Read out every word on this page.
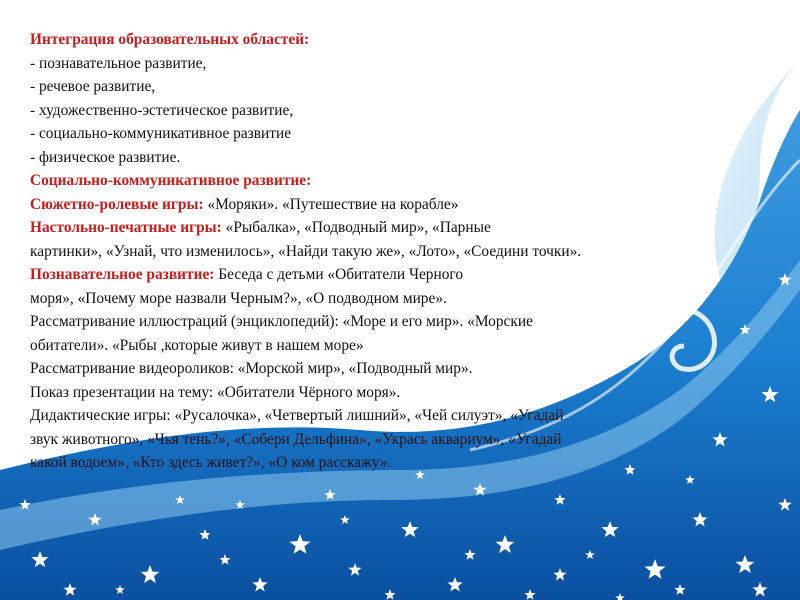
Интеграция образовательных областей:
- познавательное развитие,
- речевое развитие,
- художественно-эстетическое развитие,
- социально-коммуникативное развитие
- физическое развитие.
Социально-коммуникативное развитие:
Сюжетно-ролевые игры: «Моряки». «Путешествие на корабле»
Настольно-печатные игры: «Рыбалка», «Подводный мир», «Парные
картинки», «Узнай, что изменилось», «Найди такую же», «Лото», «Соедини точки».
Познавательное развитие: Беседа с детьми «Обитатели Черного
моря», «Почему море назвали Черным?», «О подводном мире».
Рассматривание иллюстраций (энциклопедий): «Море и его мир». «Морские
обитатели». «Рыбы ,которые живут в нашем море»
Рассматривание видеороликов: «Морской мир», «Подводный мир».
Показ презентации на тему: «Обитатели Чёрного моря».
Дидактические игры: «Русалочка», «Четвертый лишний», «Чей силуэт», «Угадай
звук животного», «Чья тень?», «Собери Дельфина», «Укрась аквариум», «Угадай
какой водоем», «Кто здесь живет?», «О ком расскажу».
